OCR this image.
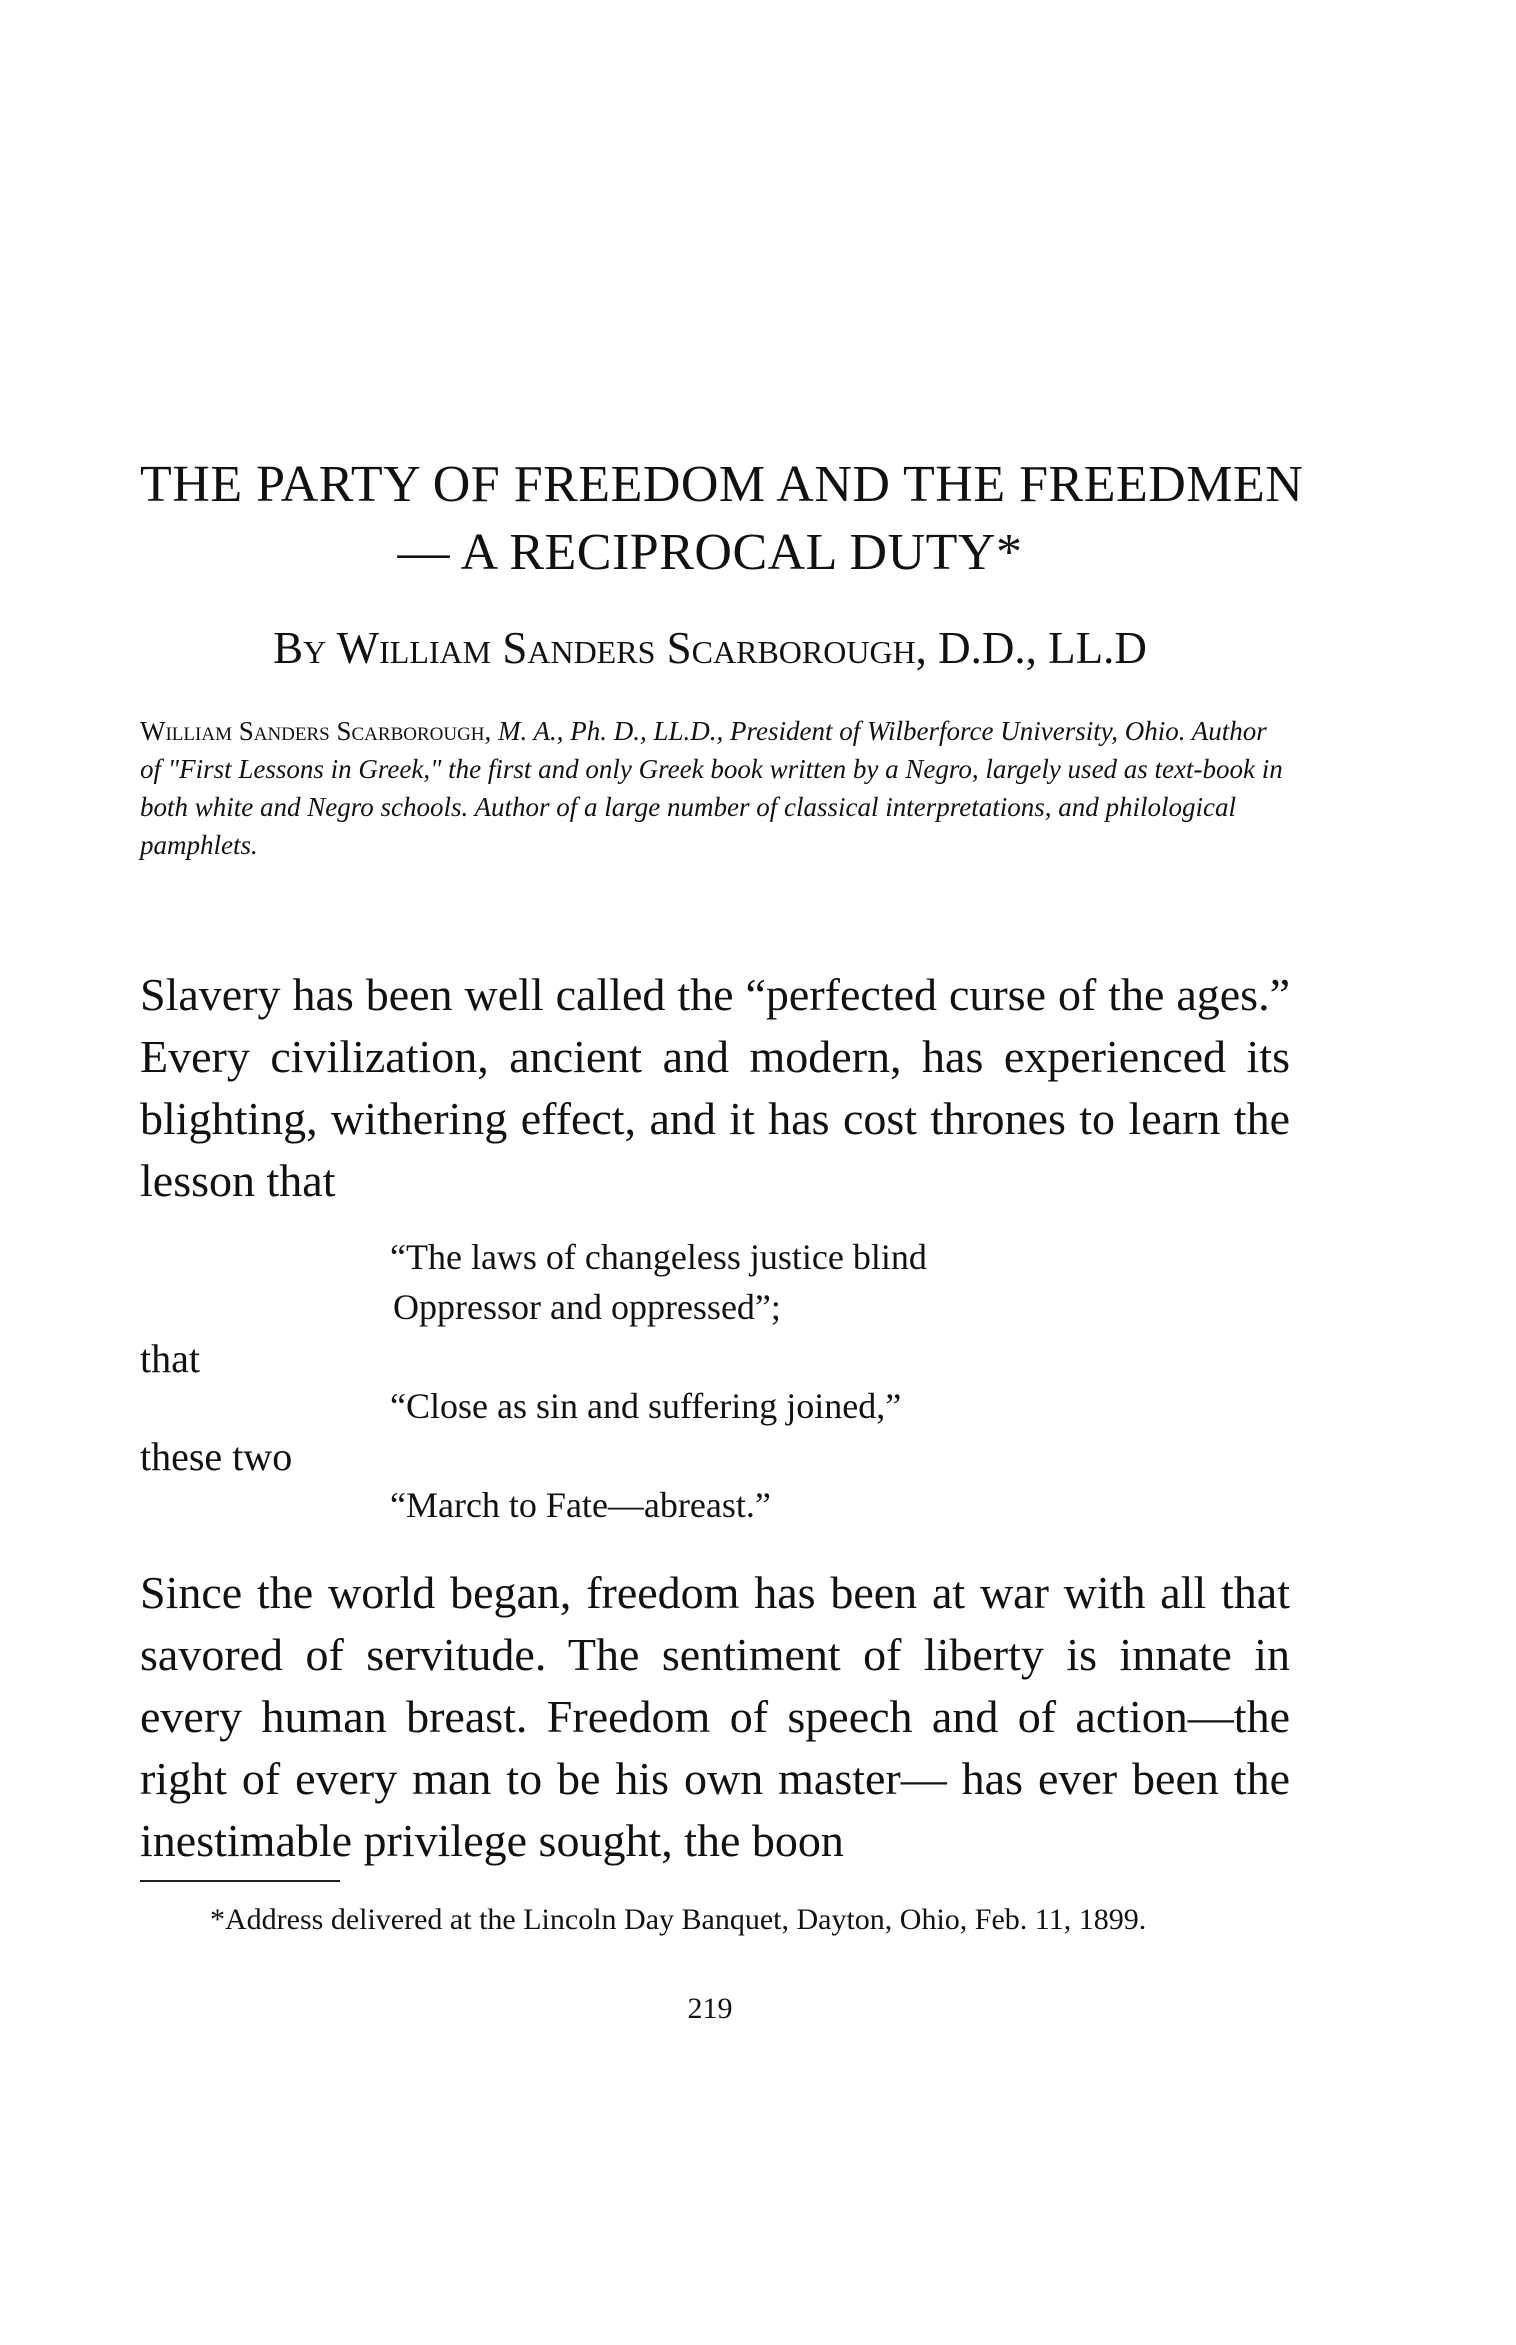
THE PARTY OF FREEDOM AND THE FREEDMEN
— A RECIPROCAL DUTY*
By William Sanders Scarborough, D.D., LL.D
William Sanders Scarborough, M. A., Ph. D., LL.D., President of Wilberforce University, Ohio. Author of "First Lessons in Greek," the first and only Greek book written by a Negro, largely used as text-book in both white and Negro schools. Author of a large number of classical interpretations, and philological pamphlets.
Slavery has been well called the “perfected curse of the ages.” Every civilization, ancient and modern, has experienced its blighting, withering effect, and it has cost thrones to learn the lesson that
“The laws of changeless justice blind
Oppressor and oppressed”;
that
“Close as sin and suffering joined,”
these two
“March to Fate—abreast.”
Since the world began, freedom has been at war with all that savored of servitude. The sentiment of liberty is innate in every human breast. Freedom of speech and of action—the right of every man to be his own master— has ever been the inestimable privilege sought, the boon
*Address delivered at the Lincoln Day Banquet, Dayton, Ohio, Feb. 11, 1899.
219
